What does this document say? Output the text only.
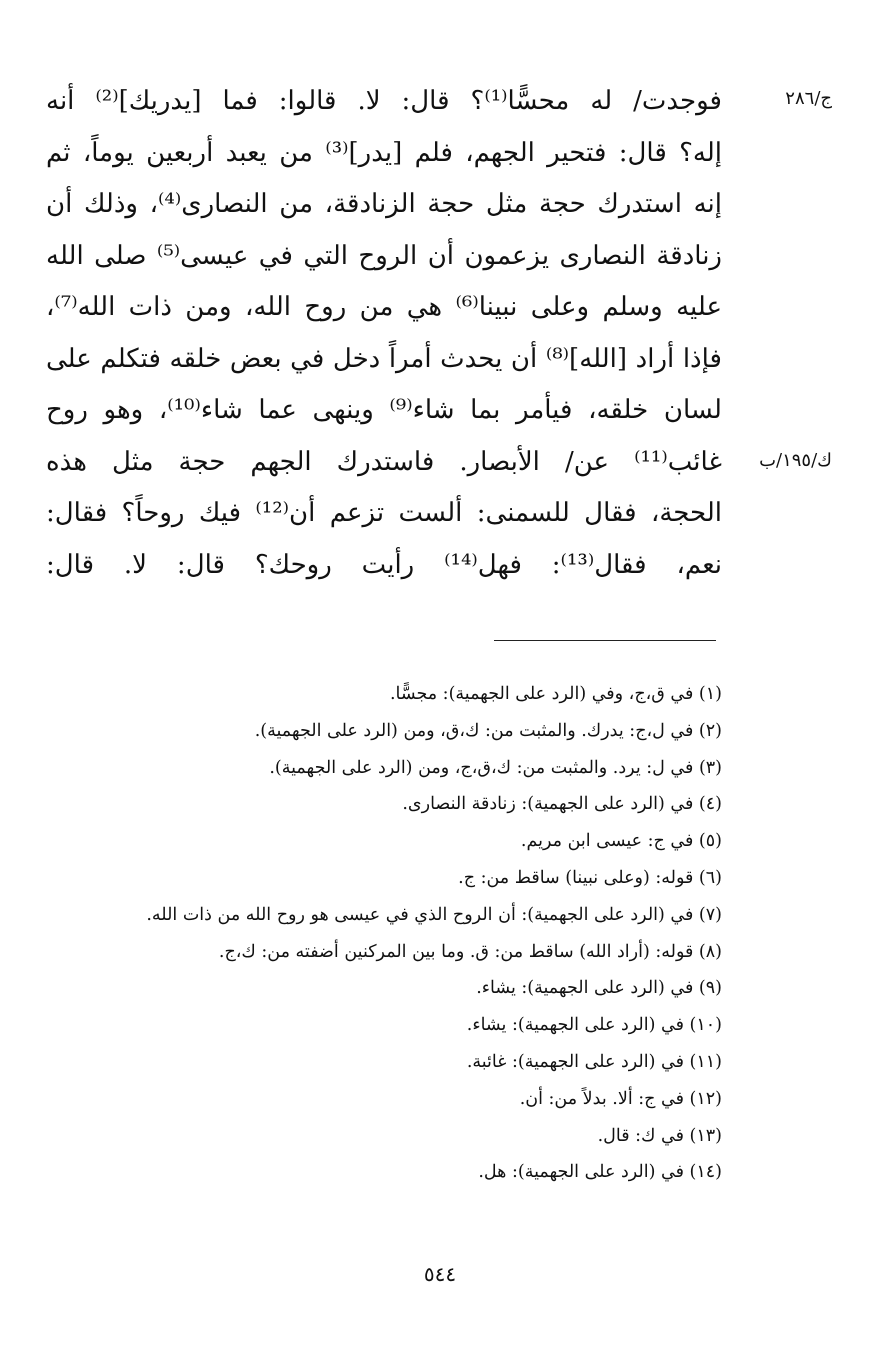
ج/٢٨٦
ك/١٩٥/ب
فوجدت/ له محسًّا⁽¹⁾؟ قال: لا. قالوا: فما [يدريك]⁽²⁾ أنه
إله؟ قال: فتحير الجهم، فلم [يدر]⁽³⁾ من يعبد أربعين يوماً، ثم
إنه استدرك حجة مثل حجة الزنادقة، من النصارى⁽⁴⁾، وذلك أن
زنادقة النصارى يزعمون أن الروح التي في عيسى⁽⁵⁾ صلى الله
عليه وسلم وعلى نبينا⁽⁶⁾ هي من روح الله، ومن ذات الله⁽⁷⁾،
فإذا أراد [الله]⁽⁸⁾ أن يحدث أمراً دخل في بعض خلقه فتكلم على
لسان خلقه، فيأمر بما شاء⁽⁹⁾ وينهى عما شاء⁽¹⁰⁾، وهو روح
غائب⁽¹¹⁾ عن/ الأبصار. فاستدرك الجهم حجة مثل هذه
الحجة، فقال للسمنى: ألست تزعم أن⁽¹²⁾ فيك روحاً؟ فقال:
نعم، فقال⁽¹³⁾: فهل⁽¹⁴⁾ رأيت روحك؟ قال: لا. قال:
(١) في ق،ج، وفي (الرد على الجهمية): مجسًّا.
(٢) في ل،ج: يدرك. والمثبت من: ك،ق، ومن (الرد على الجهمية).
(٣) في ل: يرد. والمثبت من: ك،ق،ج، ومن (الرد على الجهمية).
(٤) في (الرد على الجهمية): زنادقة النصارى.
(٥) في ج: عيسى ابن مريم.
(٦) قوله: (وعلى نبينا) ساقط من: ج.
(٧) في (الرد على الجهمية): أن الروح الذي في عيسى هو روح الله من ذات الله.
(٨) قوله: (أراد الله) ساقط من: ق. وما بين المركنين أضفته من: ك،ج.
(٩) في (الرد على الجهمية): يشاء.
(١٠) في (الرد على الجهمية): يشاء.
(١١) في (الرد على الجهمية): غائبة.
(١٢) في ج: ألا. بدلاً من: أن.
(١٣) في ك: قال.
(١٤) في (الرد على الجهمية): هل.
٥٤٤
